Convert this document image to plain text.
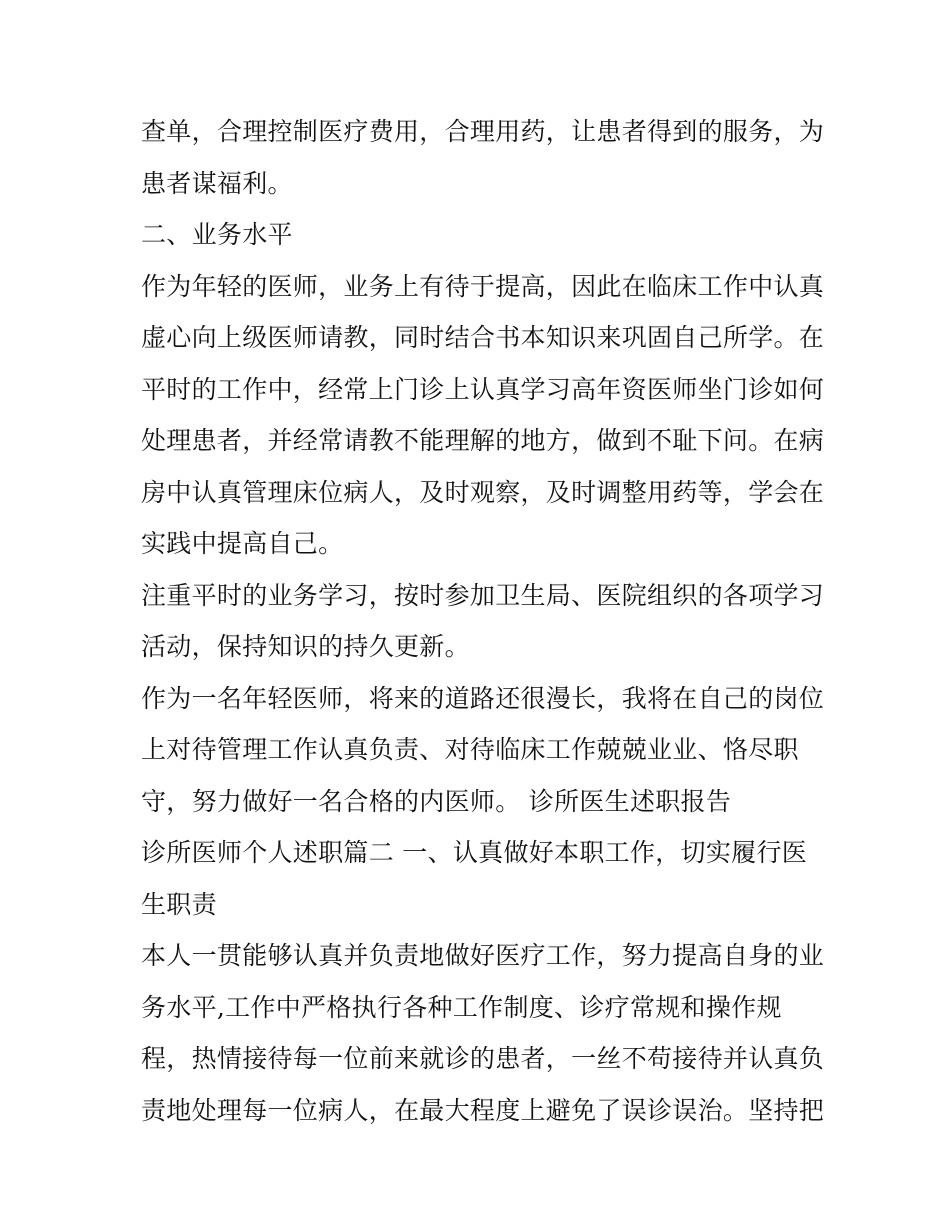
查单，合理控制医疗费用，合理用药，让患者得到的服务，为
患者谋福利。
二、业务水平
作为年轻的医师，业务上有待于提高，因此在临床工作中认真
虚心向上级医师请教，同时结合书本知识来巩固自己所学。在
平时的工作中，经常上门诊上认真学习高年资医师坐门诊如何
处理患者，并经常请教不能理解的地方，做到不耻下问。在病
房中认真管理床位病人，及时观察，及时调整用药等，学会在
实践中提高自己。
注重平时的业务学习，按时参加卫生局、医院组织的各项学习
活动，保持知识的持久更新。
作为一名年轻医师，将来的道路还很漫长，我将在自己的岗位
上对待管理工作认真负责、对待临床工作兢兢业业、恪尽职
守，努力做好一名合格的内医师。 诊所医生述职报告
诊所医师个人述职篇二 一、认真做好本职工作，切实履行医
生职责
本人一贯能够认真并负责地做好医疗工作，努力提高自身的业
务水平,工作中严格执行各种工作制度、诊疗常规和操作规
程，热情接待每一位前来就诊的患者，一丝不苟接待并认真负
责地处理每一位病人，在最大程度上避免了误诊误治。坚持把
